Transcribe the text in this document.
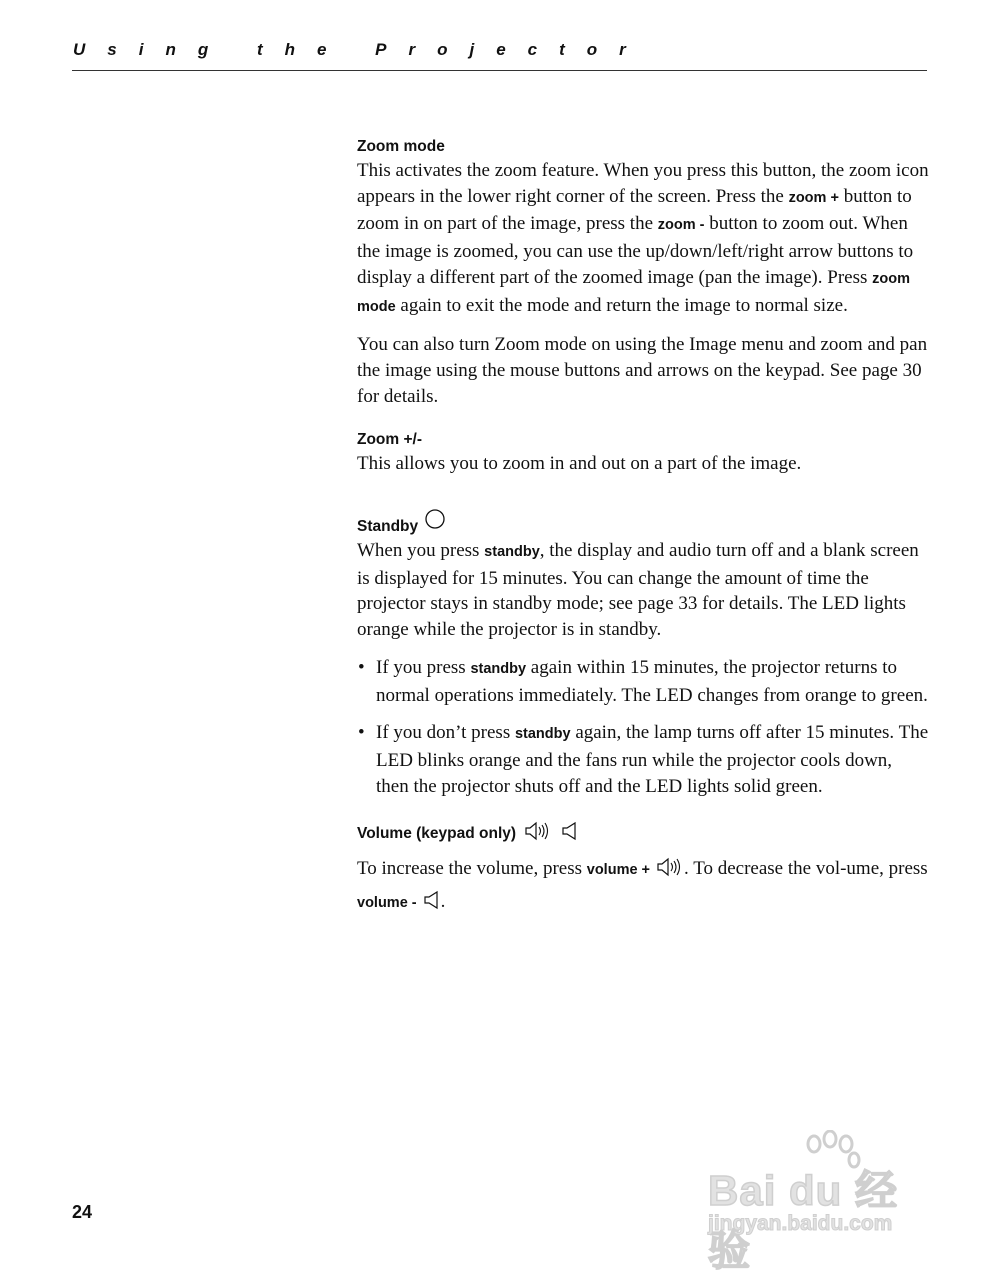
Using the Projector
Zoom mode

This activates the zoom feature. When you press this button, the zoom icon appears in the lower right corner of the screen. Press the zoom + button to zoom in on part of the image, press the zoom - button to zoom out. When the image is zoomed, you can use the up/down/left/right arrow buttons to display a different part of the zoomed image (pan the image). Press zoom mode again to exit the mode and return the image to normal size.

You can also turn Zoom mode on using the Image menu and zoom and pan the image using the mouse buttons and arrows on the keypad. See page 30 for details.

Zoom +/-

This allows you to zoom in and out on a part of the image.

Standby

When you press standby, the display and audio turn off and a blank screen is displayed for 15 minutes. You can change the amount of time the projector stays in standby mode; see page 33 for details. The LED lights orange while the projector is in standby.

• If you press standby again within 15 minutes, the projector returns to normal operations immediately. The LED changes from orange to green.
• If you don’t press standby again, the lamp turns off after 15 minutes. The LED blinks orange and the fans run while the projector cools down, then the projector shuts off and the LED lights solid green.
Volume (keypad only)

To increase the volume, press volume + . To decrease the vol-ume, press volume - .

24	Bai du 经验
jingyan.baidu.com
